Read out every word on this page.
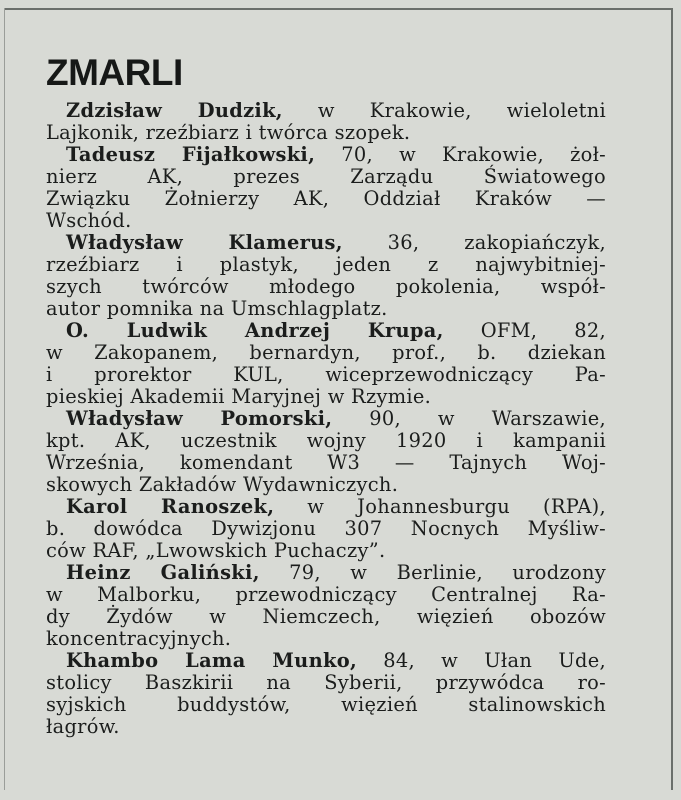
ZMARLI
Zdzisław Dudzik, w Krakowie, wieloletni
Lajkonik, rzeźbiarz i twórca szopek.
Tadeusz Fijałkowski, 70, w Krakowie, żoł-
nierz AK, prezes Zarządu Światowego
Związku Żołnierzy AK, Oddział Kraków —
Wschód.
Władysław Klamerus, 36, zakopiańczyk,
rzeźbiarz i plastyk, jeden z najwybitniej-
szych twórców młodego pokolenia, współ-
autor pomnika na Umschlagplatz.
O. Ludwik Andrzej Krupa, OFM, 82,
w Zakopanem, bernardyn, prof., b. dziekan
i prorektor KUL, wiceprzewodniczący Pa-
pieskiej Akademii Maryjnej w Rzymie.
Władysław Pomorski, 90, w Warszawie,
kpt. AK, uczestnik wojny 1920 i kampanii
Września, komendant W3 — Tajnych Woj-
skowych Zakładów Wydawniczych.
Karol Ranoszek, w Johannesburgu (RPA),
b. dowódca Dywizjonu 307 Nocnych Myśliw-
ców RAF, „Lwowskich Puchaczy”.
Heinz Galiński, 79, w Berlinie, urodzony
w Malborku, przewodniczący Centralnej Ra-
dy Żydów w Niemczech, więzień obozów
koncentracyjnych.
Khambo Lama Munko, 84, w Ułan Ude,
stolicy Baszkirii na Syberii, przywódca ro-
syjskich buddystów, więzień stalinowskich
łagrów.
